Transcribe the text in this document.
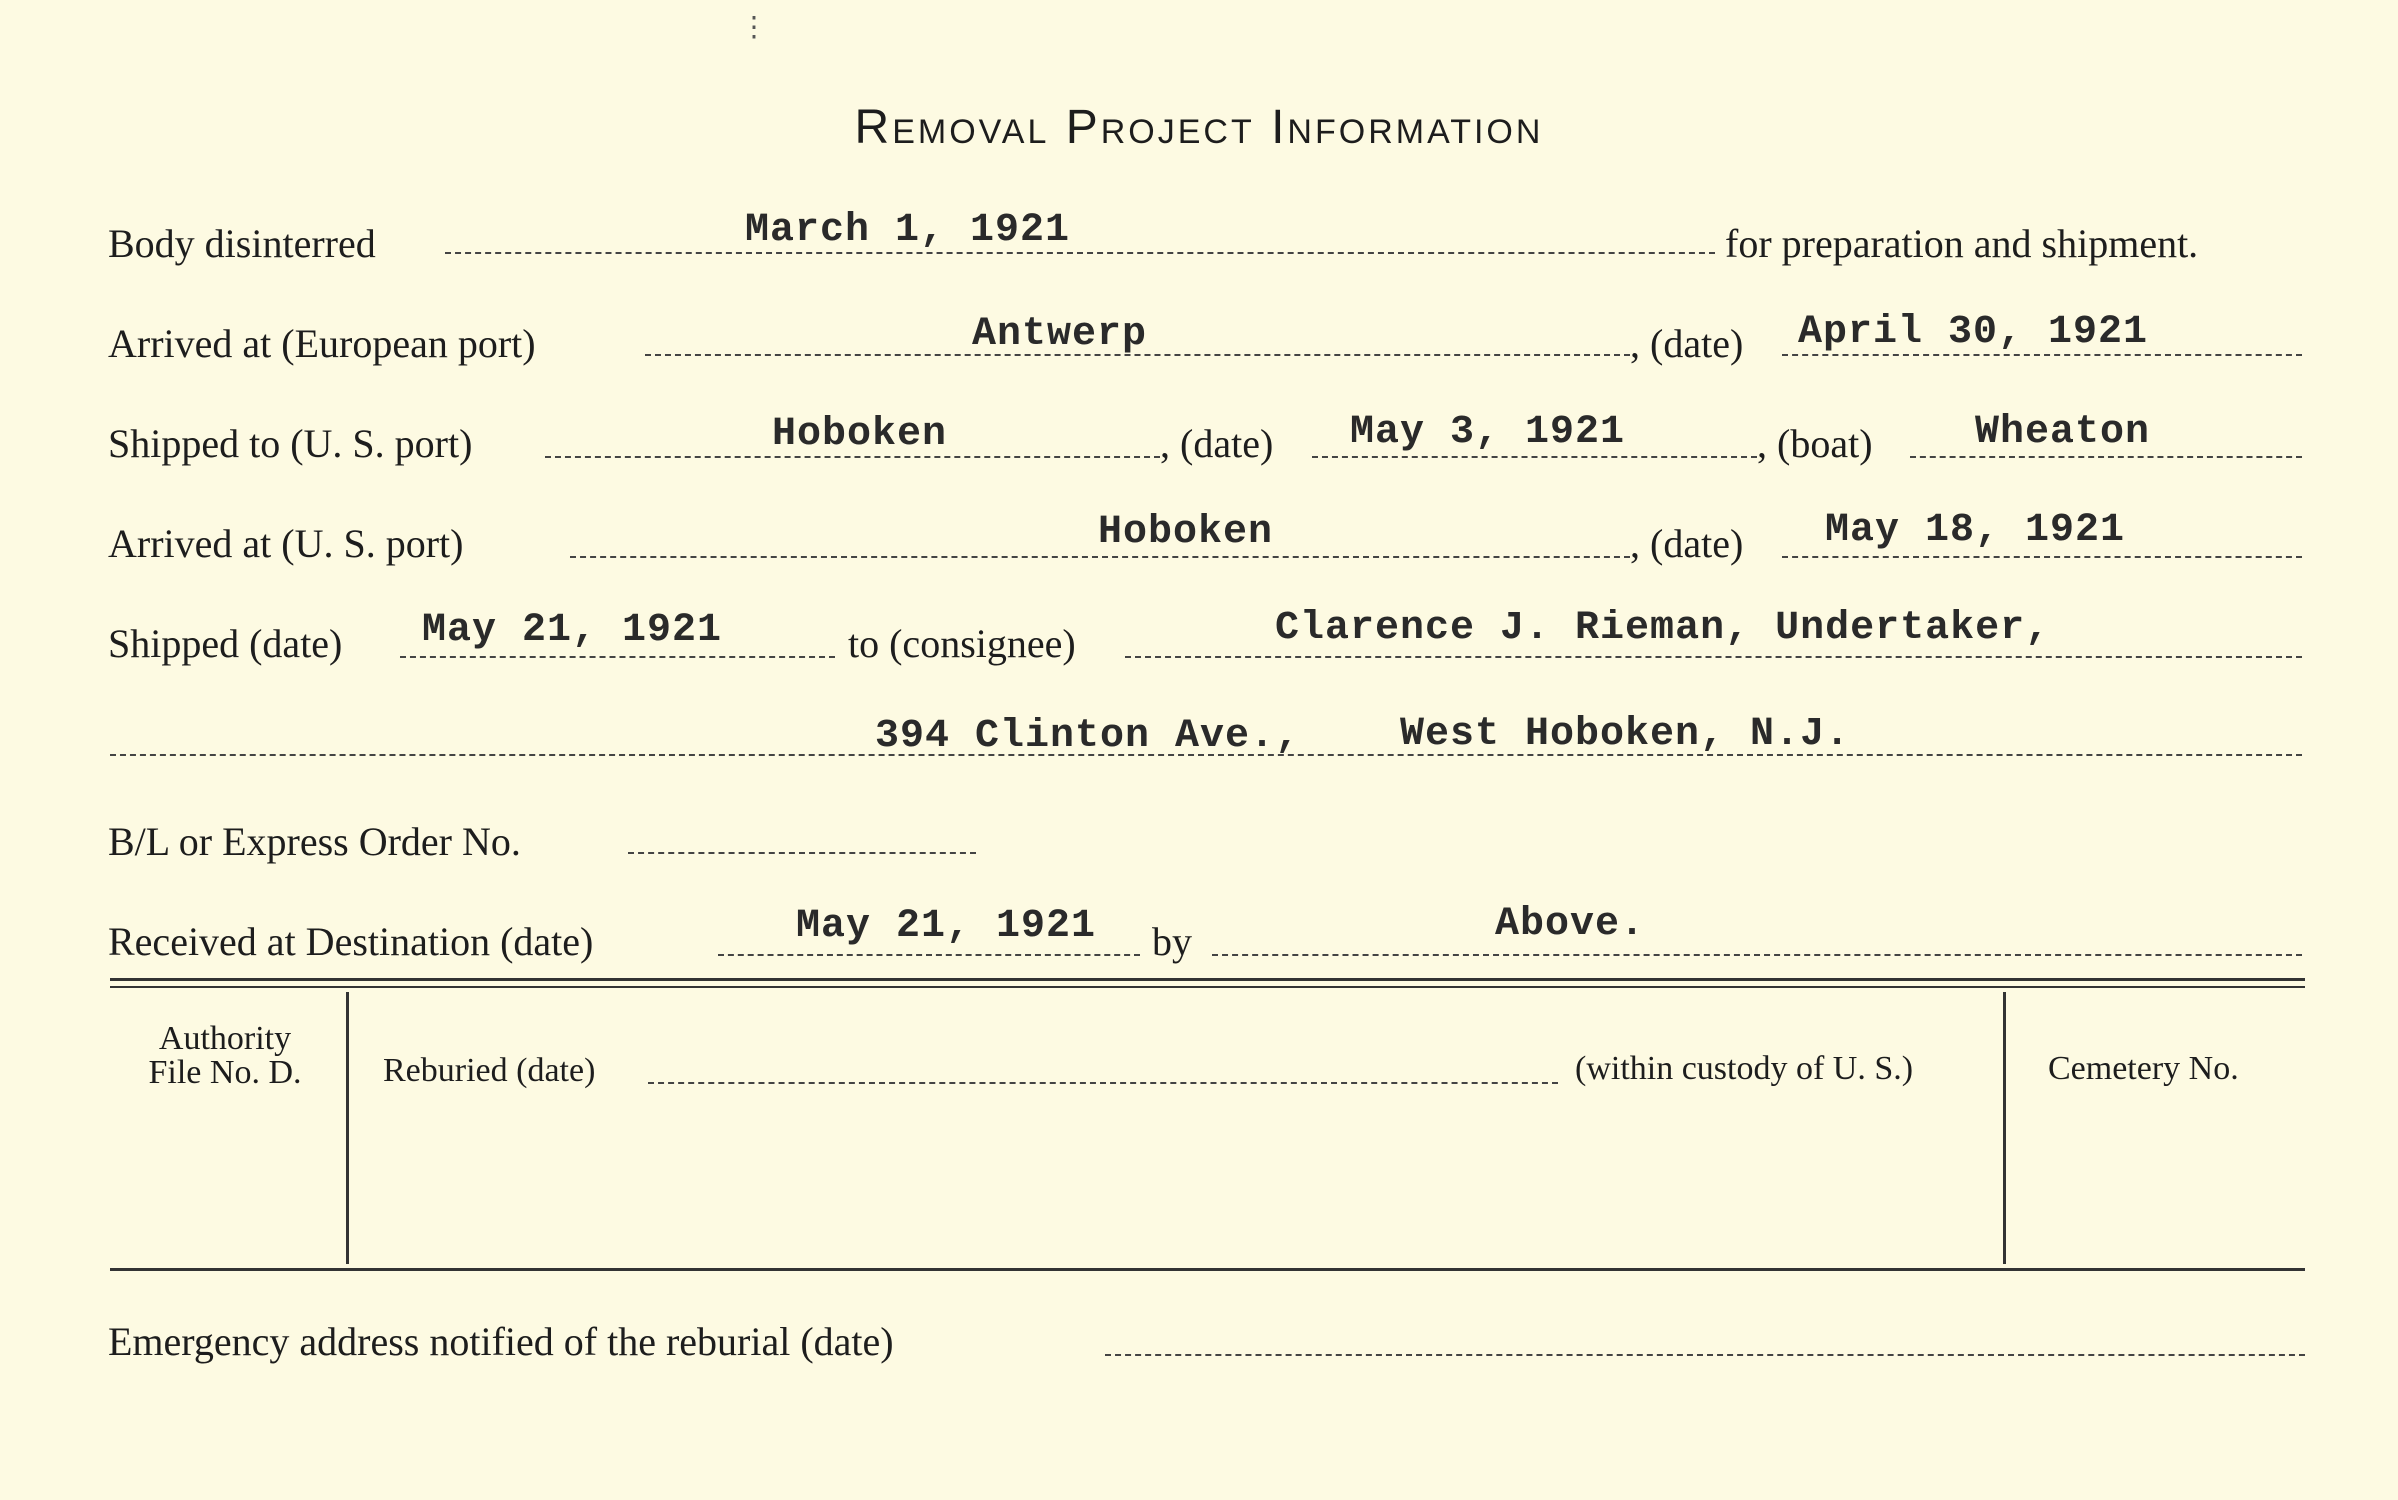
⋮
Removal Project Information
Body disinterred	March 1, 1921	for preparation and shipment.
Arrived at (European port)	Antwerp	, (date) April 30, 1921
Shipped to (U. S. port)	Hoboken	, (date) May 3, 1921	, (boat)	Wheaton
Arrived at (U. S. port)	Hoboken	, (date) May 18, 1921
Shipped (date) May 21, 1921	to (consignee)	Clarence J. Rieman, Undertaker,
394 Clinton Ave., West Hoboken, N.J.
B/L or Express Order No.
Received at Destination (date)	May 21, 1921 by	Above.
Authority
File No. D.	Reburied (date)	(within custody of U. S.)	Cemetery No.
Emergency address notified of the reburial (date)
